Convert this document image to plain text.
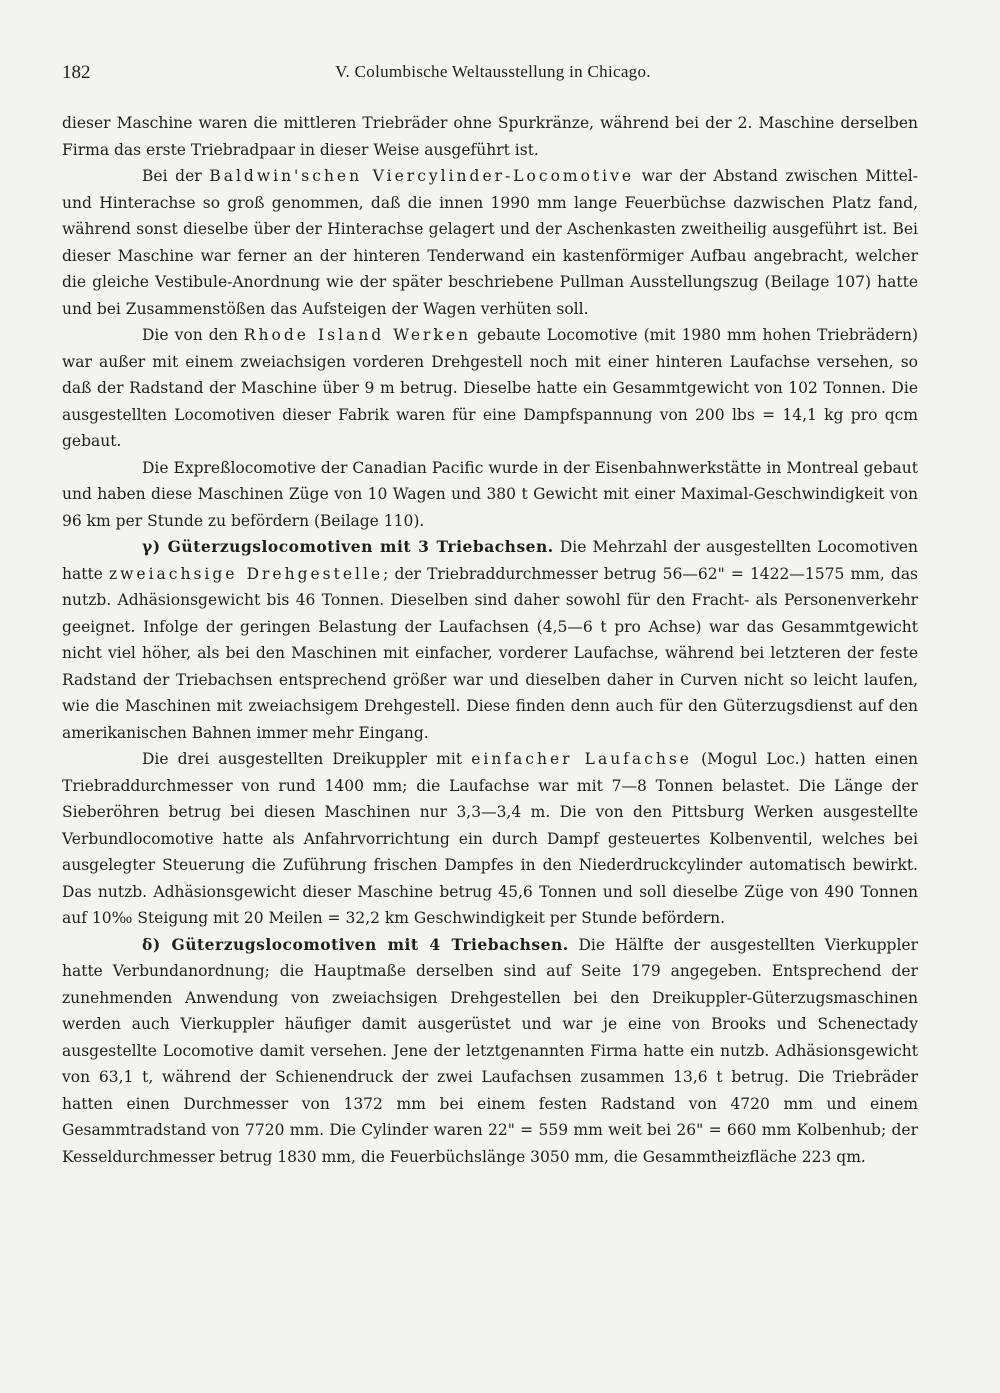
182	V. Columbische Weltausstellung in Chicago.

dieser Maschine waren die mittleren Triebräder ohne Spurkränze, während bei der 2. Maschine derselben Firma das erste Triebradpaar in dieser Weise ausgeführt ist.

Bei der Baldwin'schen Viercylinder-Locomotive war der Abstand zwischen Mittel- und Hinterachse so groß genommen, daß die innen 1990 mm lange Feuerbüchse dazwischen Platz fand, während sonst dieselbe über der Hinterachse gelagert und der Aschenkasten zweitheilig ausgeführt ist. Bei dieser Maschine war ferner an der hinteren Tenderwand ein kastenförmiger Aufbau angebracht, welcher die gleiche Vestibule-Anordnung wie der später beschriebene Pullman Ausstellungszug (Beilage 107) hatte und bei Zusammenstößen das Aufsteigen der Wagen verhüten soll.

Die von den Rhode Island Werken gebaute Locomotive (mit 1980 mm hohen Triebrädern) war außer mit einem zweiachsigen vorderen Drehgestell noch mit einer hinteren Laufachse versehen, so daß der Radstand der Maschine über 9 m betrug. Dieselbe hatte ein Gesammtgewicht von 102 Tonnen. Die ausgestellten Locomotiven dieser Fabrik waren für eine Dampfspannung von 200 lbs = 14,1 kg pro qcm gebaut.

Die Expreßlocomotive der Canadian Pacific wurde in der Eisenbahnwerkstätte in Montreal gebaut und haben diese Maschinen Züge von 10 Wagen und 380 t Gewicht mit einer Maximal-Geschwindigkeit von 96 km per Stunde zu befördern (Beilage 110).

γ) Güterzugslocomotiven mit 3 Triebachsen. Die Mehrzahl der ausgestellten Locomotiven hatte zweiachsige Drehgestelle; der Triebraddurchmesser betrug 56—62" = 1422—1575 mm, das nutzb. Adhäsionsgewicht bis 46 Tonnen. Dieselben sind daher sowohl für den Fracht- als Personenverkehr geeignet. Infolge der geringen Belastung der Laufachsen (4,5—6 t pro Achse) war das Gesammtgewicht nicht viel höher, als bei den Maschinen mit einfacher, vorderer Laufachse, während bei letzteren der feste Radstand der Triebachsen entsprechend größer war und dieselben daher in Curven nicht so leicht laufen, wie die Maschinen mit zweiachsigem Drehgestell. Diese finden denn auch für den Güterzugsdienst auf den amerikanischen Bahnen immer mehr Eingang.

Die drei ausgestellten Dreikuppler mit einfacher Laufachse (Mogul Loc.) hatten einen Triebraddurchmesser von rund 1400 mm; die Laufachse war mit 7—8 Tonnen belastet. Die Länge der Sieberöhren betrug bei diesen Maschinen nur 3,3—3,4 m. Die von den Pittsburg Werken ausgestellte Verbundlocomotive hatte als Anfahrvorrichtung ein durch Dampf gesteuertes Kolbenventil, welches bei ausgelegter Steuerung die Zuführung frischen Dampfes in den Niederdruckcylinder automatisch bewirkt. Das nutzb. Adhäsionsgewicht dieser Maschine betrug 45,6 Tonnen und soll dieselbe Züge von 490 Tonnen auf 10‰ Steigung mit 20 Meilen = 32,2 km Geschwindigkeit per Stunde befördern.

δ) Güterzugslocomotiven mit 4 Triebachsen. Die Hälfte der ausgestellten Vierkuppler hatte Verbundanordnung; die Hauptmaße derselben sind auf Seite 179 angegeben. Entsprechend der zunehmenden Anwendung von zweiachsigen Drehgestellen bei den Dreikuppler-Güterzugsmaschinen werden auch Vierkuppler häufiger damit ausgerüstet und war je eine von Brooks und Schenectady ausgestellte Locomotive damit versehen. Jene der letztgenannten Firma hatte ein nutzb. Adhäsionsgewicht von 63,1 t, während der Schienendruck der zwei Laufachsen zusammen 13,6 t betrug. Die Triebräder hatten einen Durchmesser von 1372 mm bei einem festen Radstand von 4720 mm und einem Gesammtradstand von 7720 mm. Die Cylinder waren 22" = 559 mm weit bei 26" = 660 mm Kolbenhub; der Kesseldurchmesser betrug 1830 mm, die Feuerbüchslänge 3050 mm, die Gesammtheizfläche 223 qm.
